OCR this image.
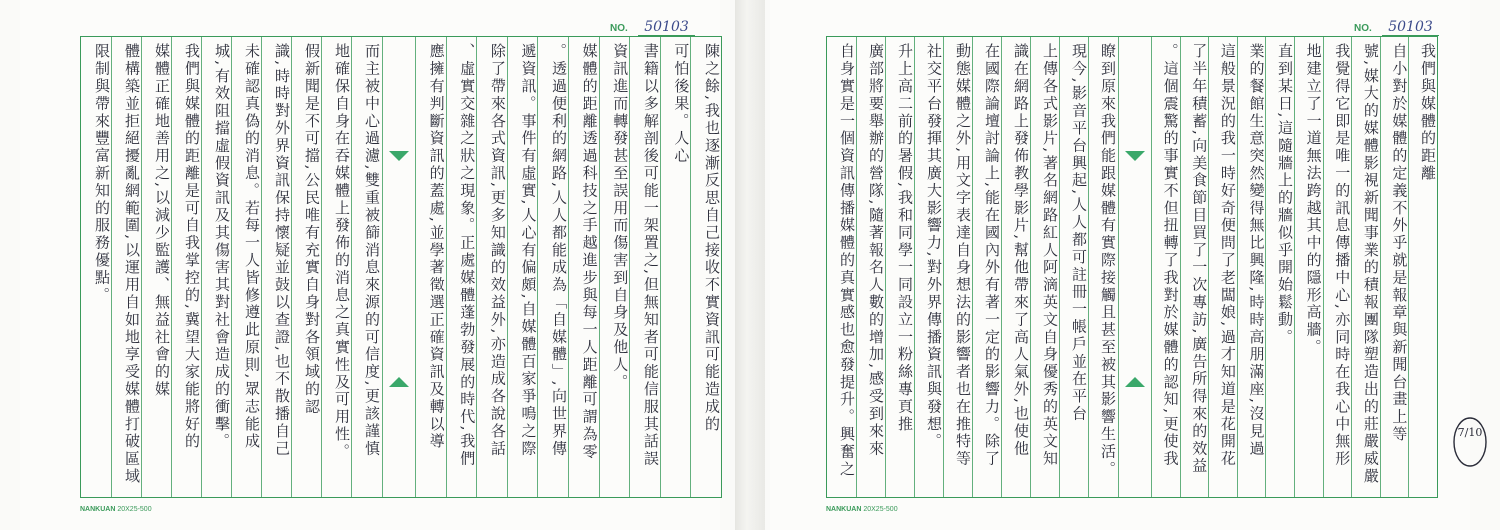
NO. 50103
而主被中心過濾,雙重被篩消息來源的可信度,更該謹慎
地確保自身在吞媒體上發佈的消息之真實性及可用性。
假新聞是不可擋,公民唯有充實自身對各領域的認
識,時時對外界資訊保持懷疑並鼓以查證,也不散播自己
未確認真偽的消息。若每一人皆修遵此原則,眾志能成
城,有效阻擋虛假資訊及其傷害其對社會造成的衝擊。
我們與媒體的距離是可自我掌控的,冀望大家能將好的
媒體正確地善用之,以減少監護、無益社會的媒
體構築並拒絕擾亂網範圍,以運用自如地享受媒體打破區域
限制與帶來豐富新知的服務優點。	陳之餘,我也逐漸反思自己接收不實資訊可能造成的
可怕後果。人心
書籍以多解剖後可能一架置之,但無知者可能信服其話誤
資訊進而轉發甚至誤用而傷害到自身及他人。
媒體的距離透過科技之手越進步與每一人距離可謂為零
。透過便利的網路,人人都能成為「自媒體」,向世界傳
遞資訊。事件有虛實,人心有偏頗,自媒體百家爭鳴之際
除了帶來各式資訊,更多知識的效益外,亦造成各說各話
、虛實交雜之狀之現象。正處媒體蓬勃發展的時代,我們
應擁有判斷資訊的蓋處,並學著徵選正確資訊及轉以導
NANKUAN 20X25-500
NO. 50103
瞭到原來我們能跟媒體有實際接觸且甚至被其影響生活。
現今,影音平台興起,人人都可註冊一帳戶並在平台
上傳各式影片,著名網路紅人阿滴英文自身優秀的英文知
識在網路上發佈教學影片,幫他帶來了高人氣外,也使他
在國際論壇討論上,能在國內外有著一定的影響力。除了
動態媒體之外,用文字表達自身想法的影響者也在推特等
社交平台發揮其廣大影響力,對外界傳播資訊與發想。
升上高二前的暑假,我和同學一同設立一粉絲專頁推
廣部將要舉辦的營隊,隨著報名人數的增加,感受到來來
自身實是一個資訊傳播媒體的真實感也愈發提升。興奮之	我們與媒體的距離
自小對於媒體的定義不外乎就是報章與新聞台畫上等
號,媒大的媒體影視新聞事業的積報團隊塑造出的莊嚴威嚴
我覺得它即是唯一的訊息傳播中心,亦同時在我心中無形
地建立了一道無法跨越其中的隱形高牆。
直到某日,這隨牆上的牆似乎開始鬆動。
業的餐館生意突然變得無比興隆,時時高朋滿座,沒見過
這般景況的我一時好奇便問了老闆娘,過才知道是花開花
了半年積蓄,向美食節目買了一次專訪,廣告所得來的效益
。這個震驚的事實不但扭轉了我對於媒體的認知,更使我
NANKUAN 20X25-500
7/10
